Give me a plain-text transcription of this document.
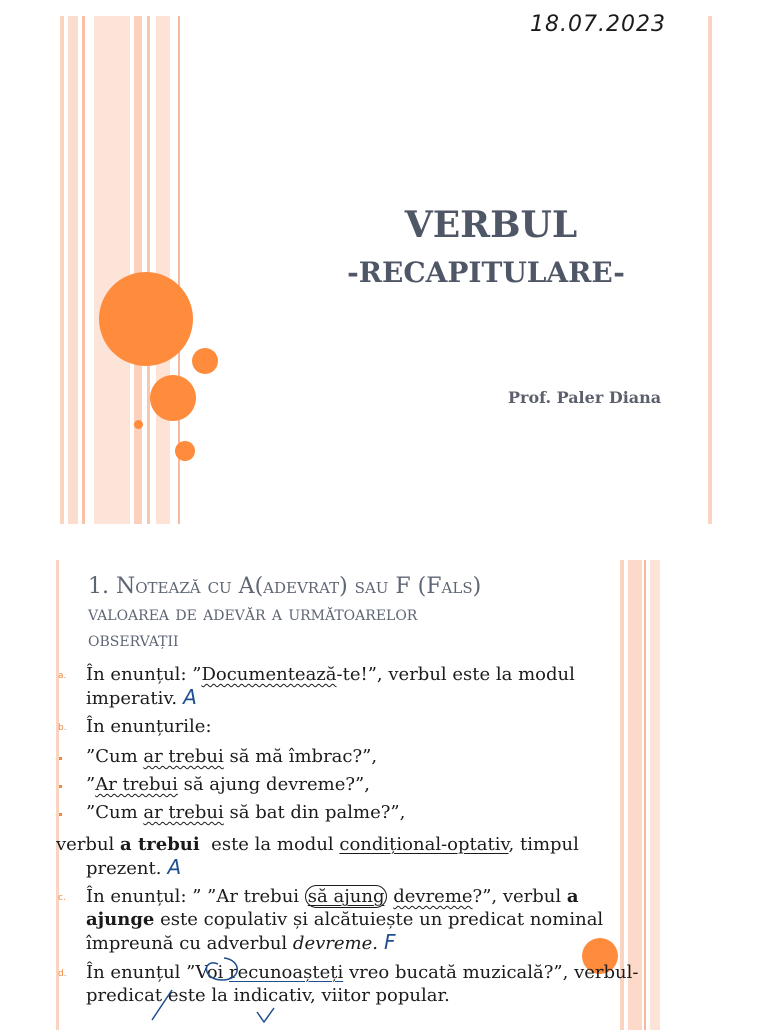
VERBUL
-RECAPITULARE-
Prof. Paler Diana
18.07.2023
1. Notează cu A(adevrat) sau F (Fals)
valoarea de adevăr a următoarelor
observații
a. În enunțul: ”Documentează-te!”, verbul este la modul
imperativ. A
b. În enunțurile:
”Cum ar trebui să mă îmbrac?”,
”Ar trebui să ajung devreme?”,
”Cum ar trebui să bat din palme?”,
verbul a trebui  este la modul condițional-optativ, timpul
prezent. A
c. În enunțul: ” ”Ar trebui să ajung devreme?”, verbul a
ajunge este copulativ și alcătuiește un predicat nominal
împreună cu adverbul devreme. F
d. În enunțul ”Voi recunoașteți vreo bucată muzicală?”, verbul-
predicat este la indicativ, viitor popular.
